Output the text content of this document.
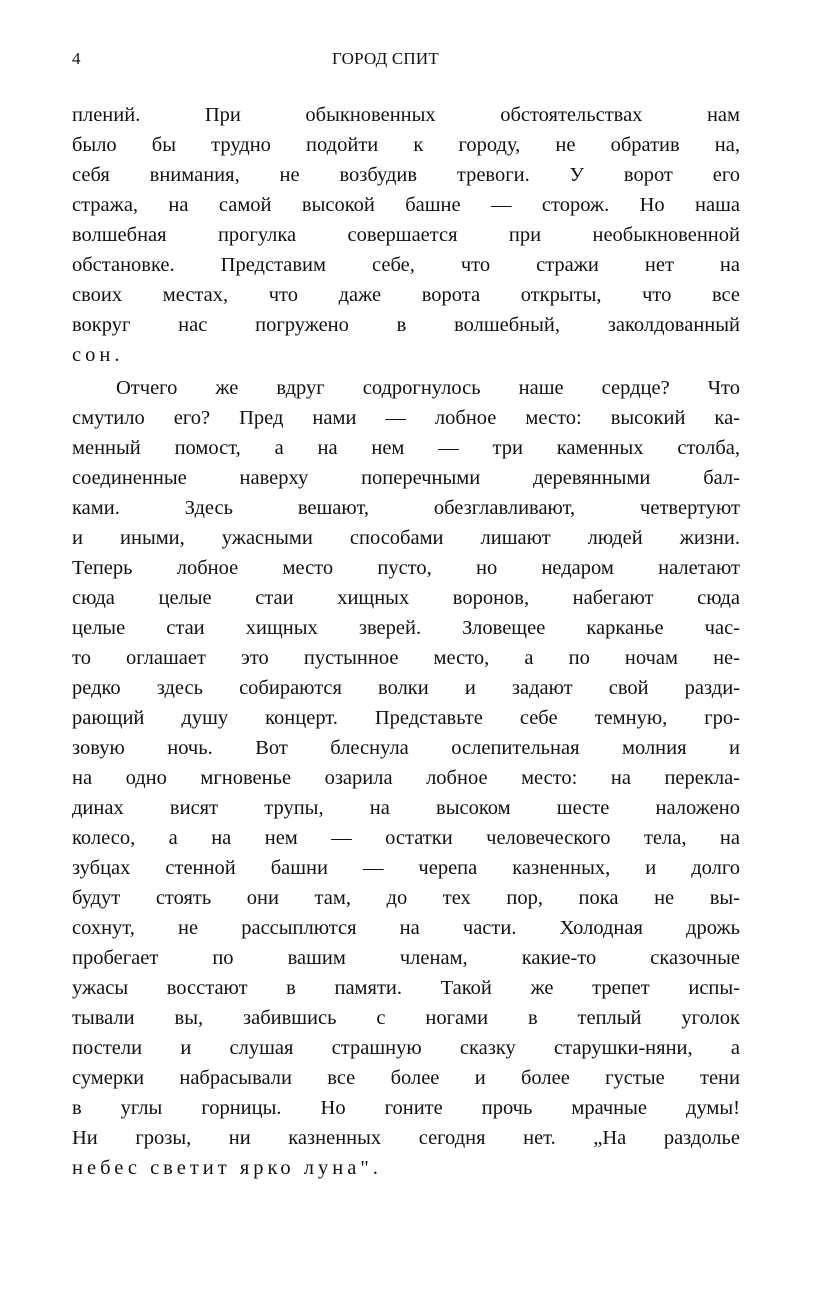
4	ГОРОД СПИТ
плений. При обыкновенных обстоятельствах нам
было бы трудно подойти к городу, не обратив на,
себя внимания, не возбудив тревоги. У ворот его
стража, на самой высокой башне — сторож. Но наша
волшебная прогулка совершается при необыкновенной
обстановке. Представим себе, что стражи нет на
своих местах, что даже ворота открыты, что все
вокруг нас погружено в волшебный, заколдованный
сон.
Отчего же вдруг содрогнулось наше сердце? Что
смутило его? Пред нами — лобное место: высокий ка-
менный помост, а на нем — три каменных столба,
соединенные наверху поперечными деревянными бал-
ками. Здесь вешают, обезглавливают, четвертуют
и иными, ужасными способами лишают людей жизни.
Теперь лобное место пусто, но недаром налетают
сюда целые стаи хищных воронов, набегают сюда
целые стаи хищных зверей. Зловещее карканье час-
то оглашает это пустынное место, а по ночам не-
редко здесь собираются волки и задают свой разди-
рающий душу концерт. Представьте себе темную, гро-
зовую ночь. Вот блеснула ослепительная молния и
на одно мгновенье озарила лобное место: на перекла-
динах висят трупы, на высоком шесте наложено
колесо, а на нем — остатки человеческого тела, на
зубцах стенной башни — черепа казненных, и долго
будут стоять они там, до тех пор, пока не вы-
сохнут, не рассыплются на части. Холодная дрожь
пробегает по вашим членам, какие-то сказочные
ужасы восстают в памяти. Такой же трепет испы-
тывали вы, забившись с ногами в теплый уголок
постели и слушая страшную сказку старушки-няни, а
сумерки набрасывали все более и более густые тени
в углы горницы. Но гоните прочь мрачные думы!
Ни грозы, ни казненных сегодня нет. „На раздолье
небес светит ярко луна".
